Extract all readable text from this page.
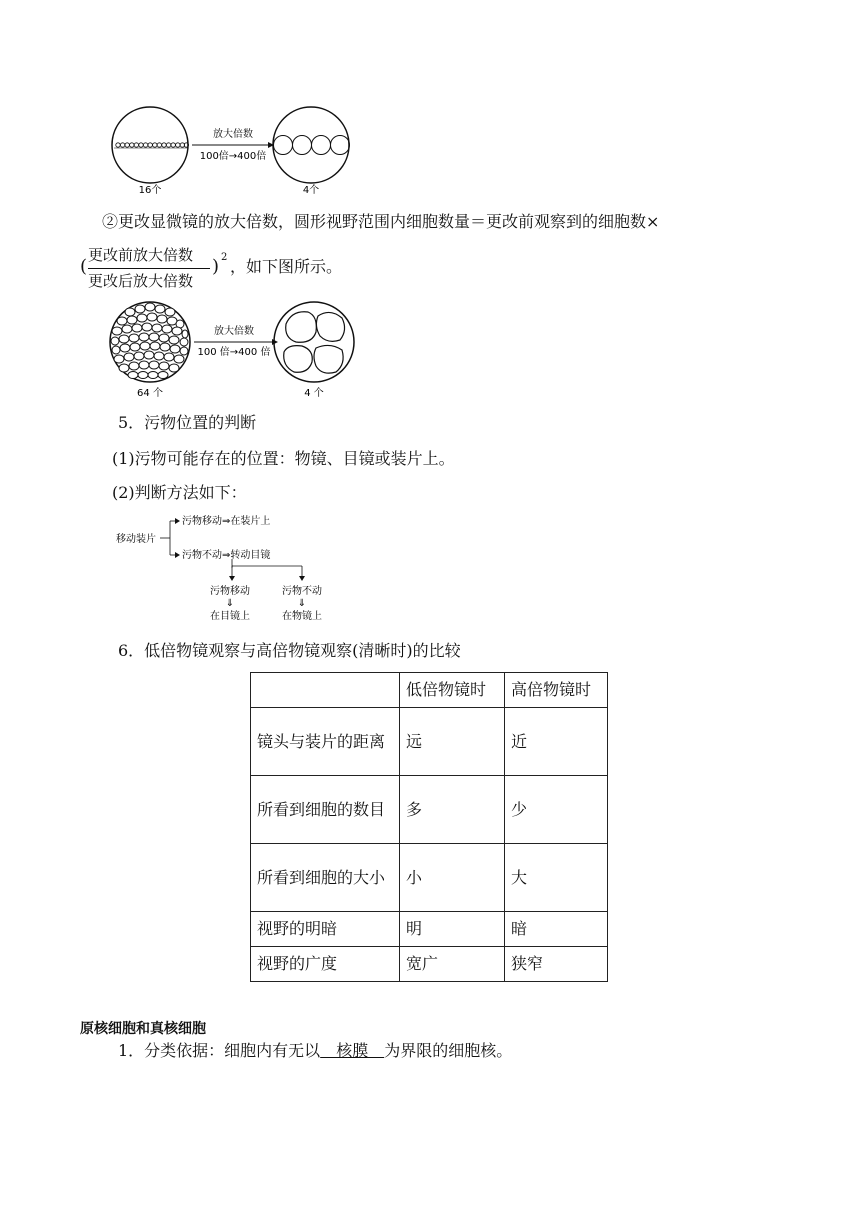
放大倍数
100倍→400倍
16个	4个
②更改显微镜的放大倍数，圆形视野范围内细胞数量＝更改前观察到的细胞数×
(
更改前放大倍数
更改后放大倍数
) 2 ，如下图所示。
放大倍数
100 倍→400 倍
64 个	4 个
5．污物位置的判断
(1)污物可能存在的位置：物镜、目镜或装片上。
(2)判断方法如下：
移动装片
污物移动⇒在装片上
污物不动⇒转动目镜
污物移动
⇓
在目镜上
污物不动
⇓
在物镜上
6．低倍物镜观察与高倍物镜观察(清晰时)的比较
	低倍物镜时	高倍物镜时
镜头与装片的距离	远	近
所看到细胞的数目	多	少
所看到细胞的大小	小	大
视野的明暗	明	暗
视野的广度	宽广	狭窄
原核细胞和真核细胞
1．分类依据：细胞内有无以　核膜　为界限的细胞核。
